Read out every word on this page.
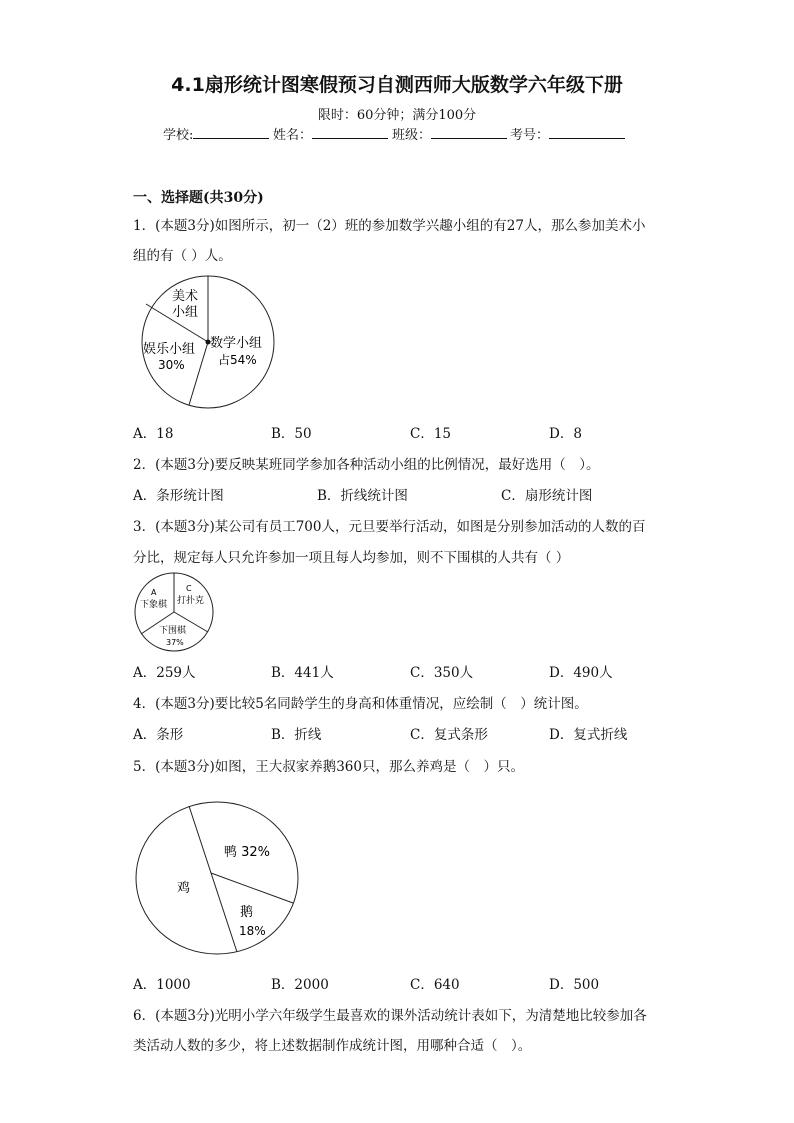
4.1扇形统计图寒假预习自测西师大版数学六年级下册
限时：60分钟；满分100分
学校:	姓名：	班级：	考号：
一、选择题(共30分)
1．(本题3分)如图所示，初一（2）班的参加数学兴趣小组的有27人，那么参加美术小
组的有（ ）人。
美术
小组
娱乐小组
30%
数学小组
占54%
A．18	B．50	C．15	D．8
2．(本题3分)要反映某班同学参加各种活动小组的比例情况，最好选用（　）。
A．条形统计图	B．折线统计图	C．扇形统计图
3．(本题3分)某公司有员工700人，元旦要举行活动，如图是分别参加活动的人数的百
分比，规定每人只允许参加一项且每人均参加，则不下围棋的人共有（ ）
A
下象棋
C
打扑克
下围棋
37%
A．259人	B．441人	C．350人	D．490人
4．(本题3分)要比较5名同龄学生的身高和体重情况，应绘制（　）统计图。
A．条形	B．折线	C．复式条形	D．复式折线
5．(本题3分)如图，王大叔家养鹅360只，那么养鸡是（　）只。
鸭 32%
鸡
鹅
18%
A．1000	B．2000	C．640	D．500
6．(本题3分)光明小学六年级学生最喜欢的课外活动统计表如下，为清楚地比较参加各
类活动人数的多少，将上述数据制作成统计图，用哪种合适（　）。
